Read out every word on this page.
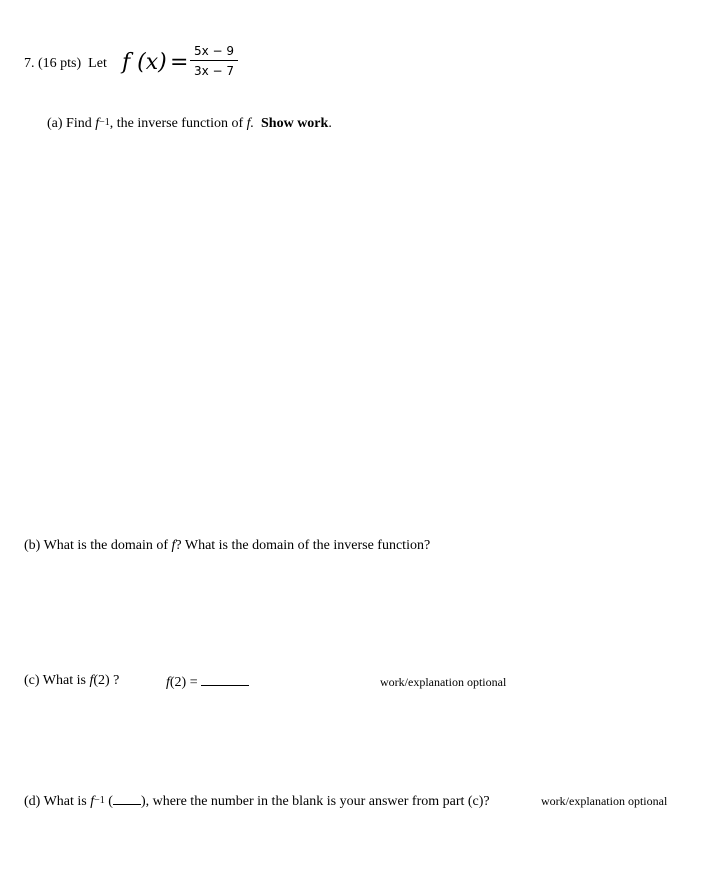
7. (16 pts) Let f (x) = 5x − 9
3x − 7
(a) Find $f^{-1}$, the inverse function of f. Show work.
(b) What is the domain of f? What is the domain of the inverse function?
(c) What is f(2) ?	f(2) =	work/explanation optional
(d) What is $f^{-1}$ ( ), where the number in the blank is your answer from part (c)?	work/explanation optional
